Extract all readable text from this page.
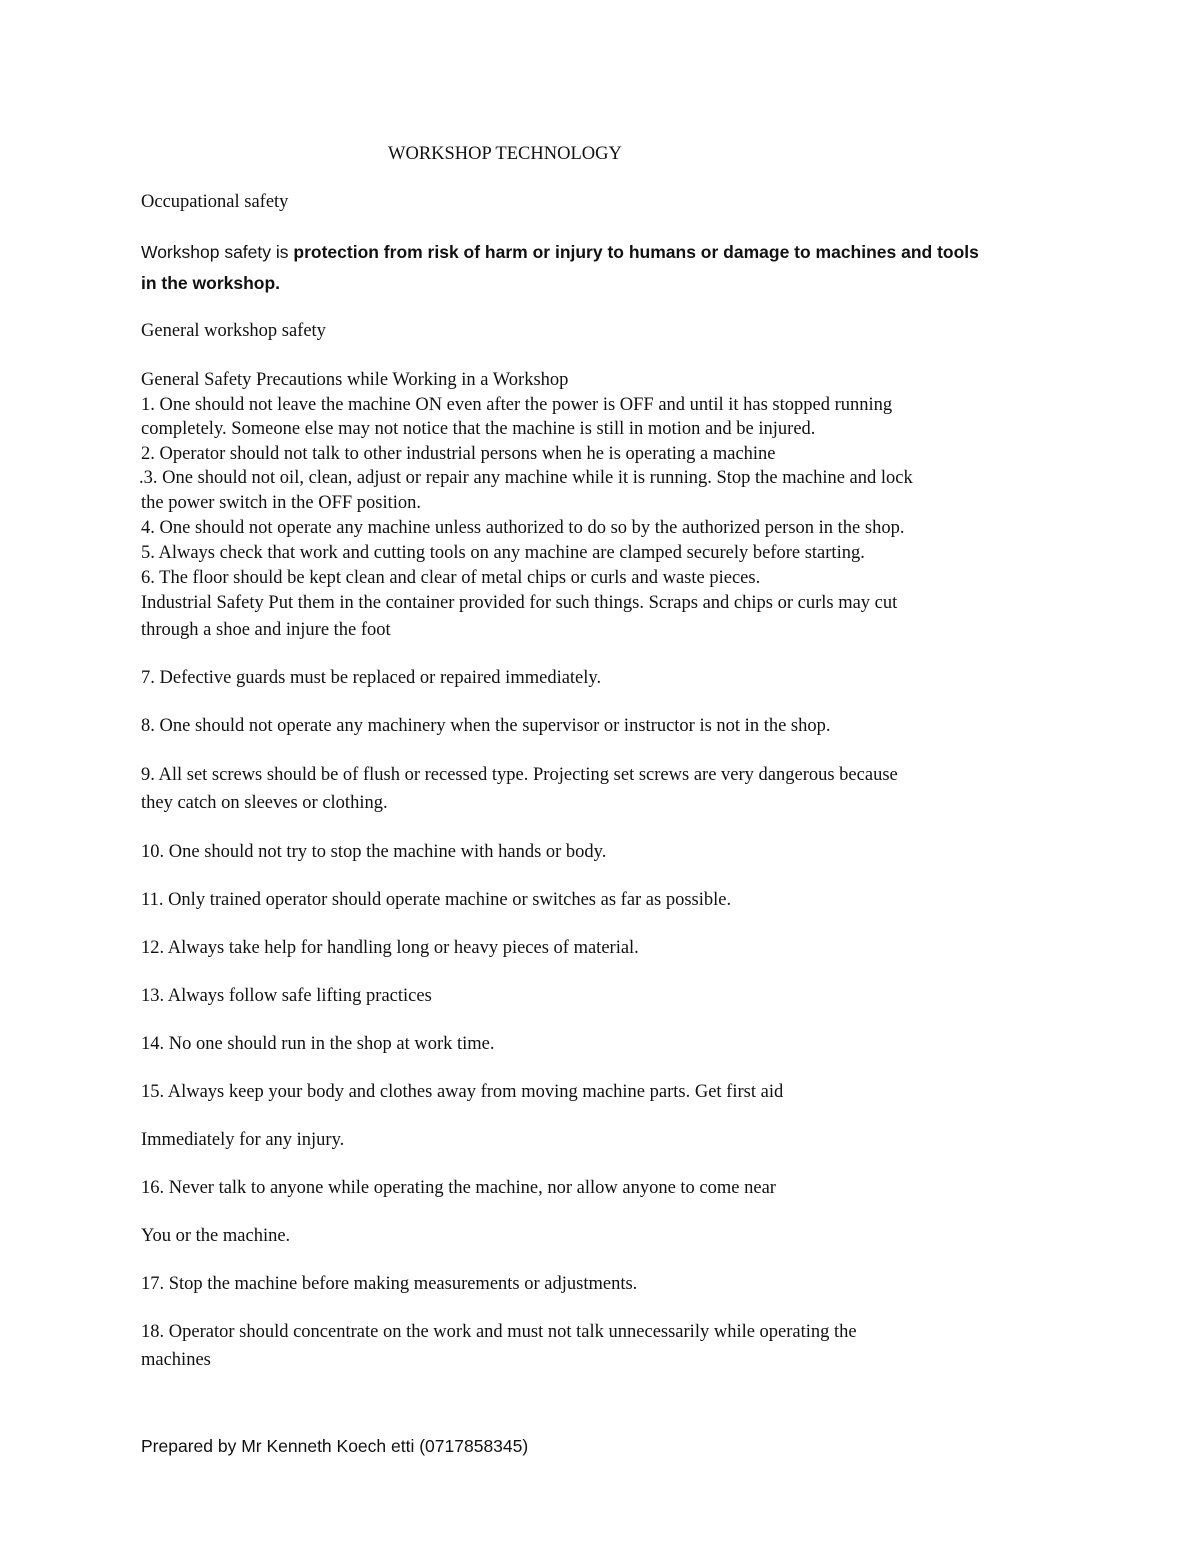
WORKSHOP TECHNOLOGY
Occupational safety
Workshop safety is protection from risk of harm or injury to humans or damage to machines and tools
in the workshop.
General workshop safety
General Safety Precautions while Working in a Workshop
1. One should not leave the machine ON even after the power is OFF and until it has stopped running
completely. Someone else may not notice that the machine is still in motion and be injured.
2. Operator should not talk to other industrial persons when he is operating a machine
.3. One should not oil, clean, adjust or repair any machine while it is running. Stop the machine and lock
the power switch in the OFF position.
4. One should not operate any machine unless authorized to do so by the authorized person in the shop.
5. Always check that work and cutting tools on any machine are clamped securely before starting.
6. The floor should be kept clean and clear of metal chips or curls and waste pieces.
Industrial Safety Put them in the container provided for such things. Scraps and chips or curls may cut
through a shoe and injure the foot
7. Defective guards must be replaced or repaired immediately.
8. One should not operate any machinery when the supervisor or instructor is not in the shop.
9. All set screws should be of flush or recessed type. Projecting set screws are very dangerous because
they catch on sleeves or clothing.
10. One should not try to stop the machine with hands or body.
11. Only trained operator should operate machine or switches as far as possible.
12. Always take help for handling long or heavy pieces of material.
13. Always follow safe lifting practices
14. No one should run in the shop at work time.
15. Always keep your body and clothes away from moving machine parts. Get first aid
Immediately for any injury.
16. Never talk to anyone while operating the machine, nor allow anyone to come near
You or the machine.
17. Stop the machine before making measurements or adjustments.
18. Operator should concentrate on the work and must not talk unnecessarily while operating the
machines
Prepared by Mr Kenneth Koech etti (0717858345)
